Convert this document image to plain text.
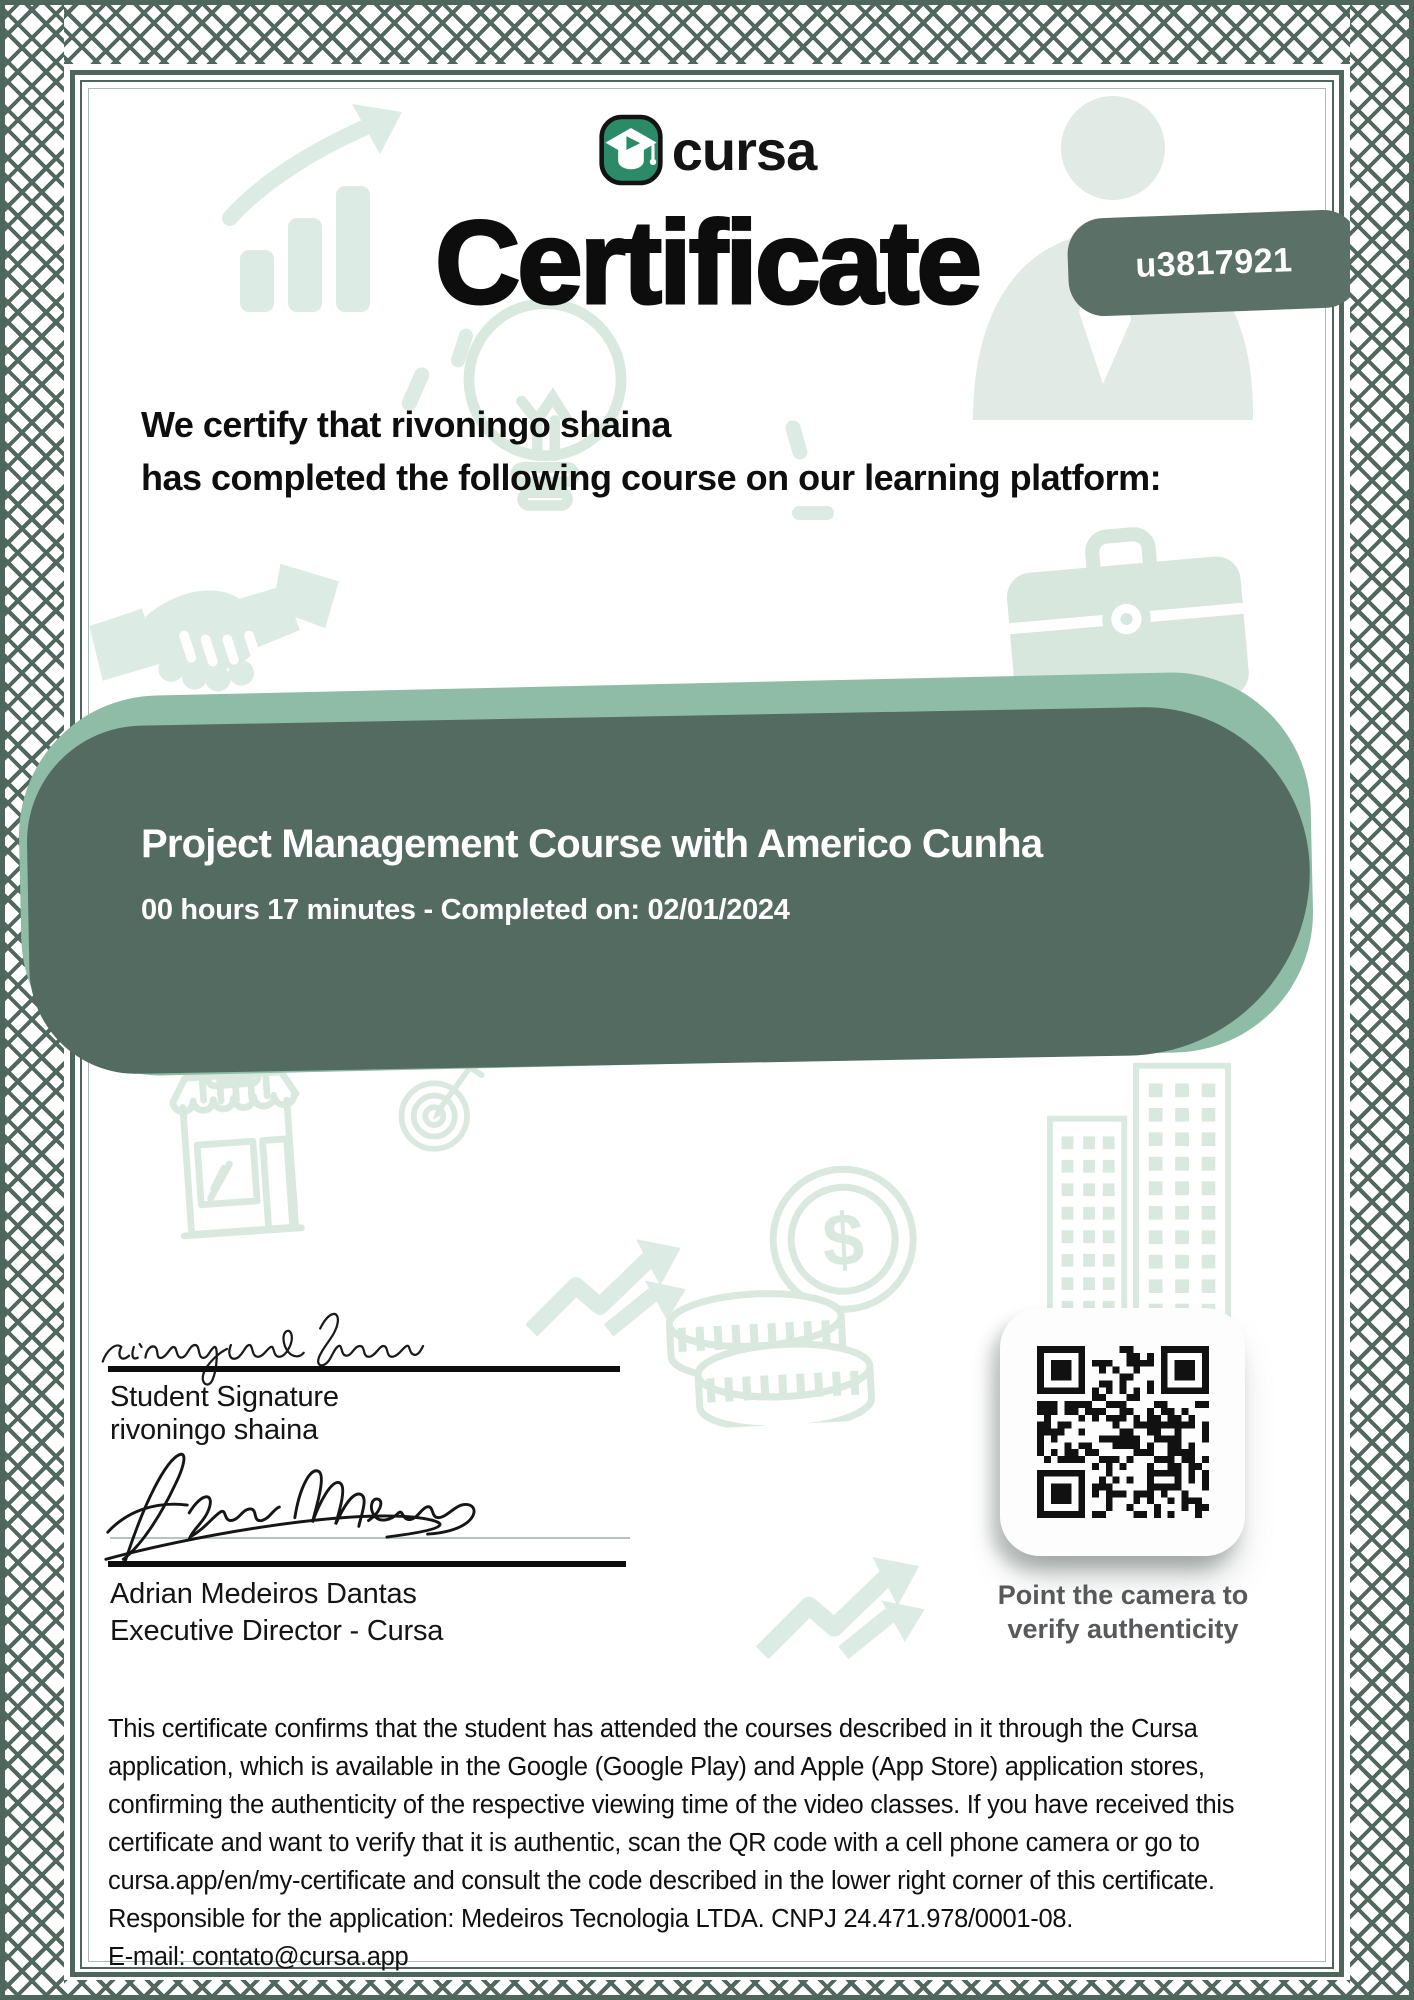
$
u3817921
cursa
Certificate
We certify that rivoningo shaina
has completed the following course on our learning platform:
Project Management Course with Americo Cunha
00 hours 17 minutes - Completed on: 02/01/2024
Student Signature
rivoningo shaina
Adrian Medeiros Dantas
Executive Director - Cursa
Point the camera to
verify authenticity
This certificate confirms that the student has attended the courses described in it through the Cursa application, which is available in the Google (Google Play) and Apple (App Store) application stores, confirming the authenticity of the respective viewing time of the video classes. If you have received this certificate and want to verify that it is authentic, scan the QR code with a cell phone camera or go to cursa.app/en/my-certificate and consult the code described in the lower right corner of this certificate.
Responsible for the application: Medeiros Tecnologia LTDA. CNPJ 24.471.978/0001-08.
E-mail: contato@cursa.app
